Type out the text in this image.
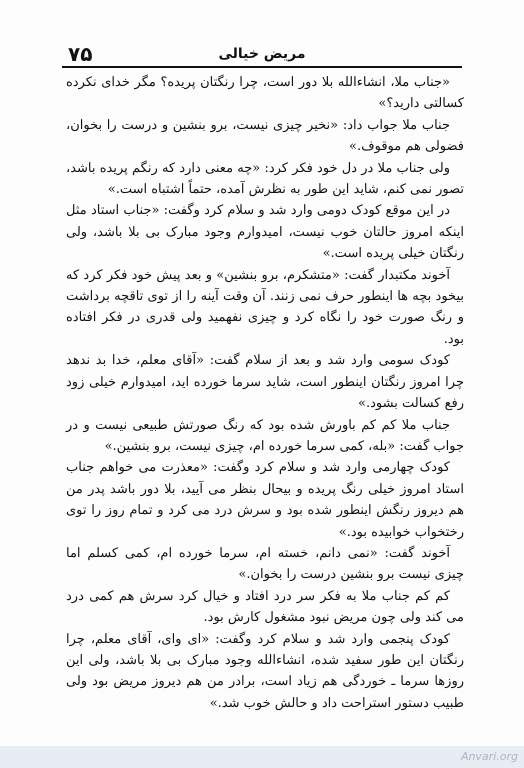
۷۵	مریض خیالی

«جناب ملا، انشاءالله بلا دور است، چرا رنگتان پریده؟ مگر خدای نکرده کسالتی دارید؟»

جناب ملا جواب داد: «نخیر چیزی نیست، برو بنشین و درست را بخوان، فضولی هم موقوف.»

ولی جناب ملا در دل خود فکر کرد: «چه معنی دارد که رنگم پریده باشد، تصور نمی کنم، شاید این طور به نظرش آمده، حتماً اشتباه است.»

در این موقع کودک دومی وارد شد و سلام کرد وگفت: «جناب استاد مثل اینکه امروز حالتان خوب نیست، امیدوارم وجود مبارک بی بلا باشد، ولی رنگتان خیلی پریده است.»

آخوند مکتبدار گفت: «متشکرم، برو بنشین» و بعد پیش خود فکر کرد که بیخود بچه ها اینطور حرف نمی زنند. آن وقت آینه را از توی تاقچه برداشت و رنگ صورت خود را نگاه کرد و چیزی نفهمید ولی قدری در فکر افتاده بود.

کودک سومی وارد شد و بعد از سلام گفت: «آقای معلم، خدا بد ندهد چرا امروز رنگتان اینطور است، شاید سرما خورده اید، امیدوارم خیلی زود رفع کسالت بشود.»

جناب ملا کم کم باورش شده بود که رنگ صورتش طبیعی نیست و در جواب گفت: «بله، کمی سرما خورده ام، چیزی نیست، برو بنشین.»

کودک چهارمی وارد شد و سلام کرد وگفت: «معذرت می خواهم جناب استاد امروز خیلی رنگ پریده و بیحال بنظر می آیید، بلا دور باشد پدر من هم دیروز رنگش اینطور شده بود و سرش درد می کرد و تمام روز را توی رختخواب خوابیده بود.»

آخوند گفت: «نمی دانم، خسته ام، سرما خورده ام، کمی کسلم اما چیزی نیست برو بنشین درست را بخوان.»

کم کم جناب ملا به فکر سر درد افتاد و خیال کرد سرش هم کمی درد می کند ولی چون مریض نبود مشغول کارش بود.

کودک پنجمی وارد شد و سلام کرد وگفت: «ای وای، آقای معلم، چرا رنگتان این طور سفید شده، انشاءالله وجود مبارک بی بلا باشد، ولی این روزها سرما ـ خوردگی هم زیاد است، برادر من هم دیروز مریض بود ولی طبیب دستور استراحت داد و حالش خوب شد.»

Anvari.org
